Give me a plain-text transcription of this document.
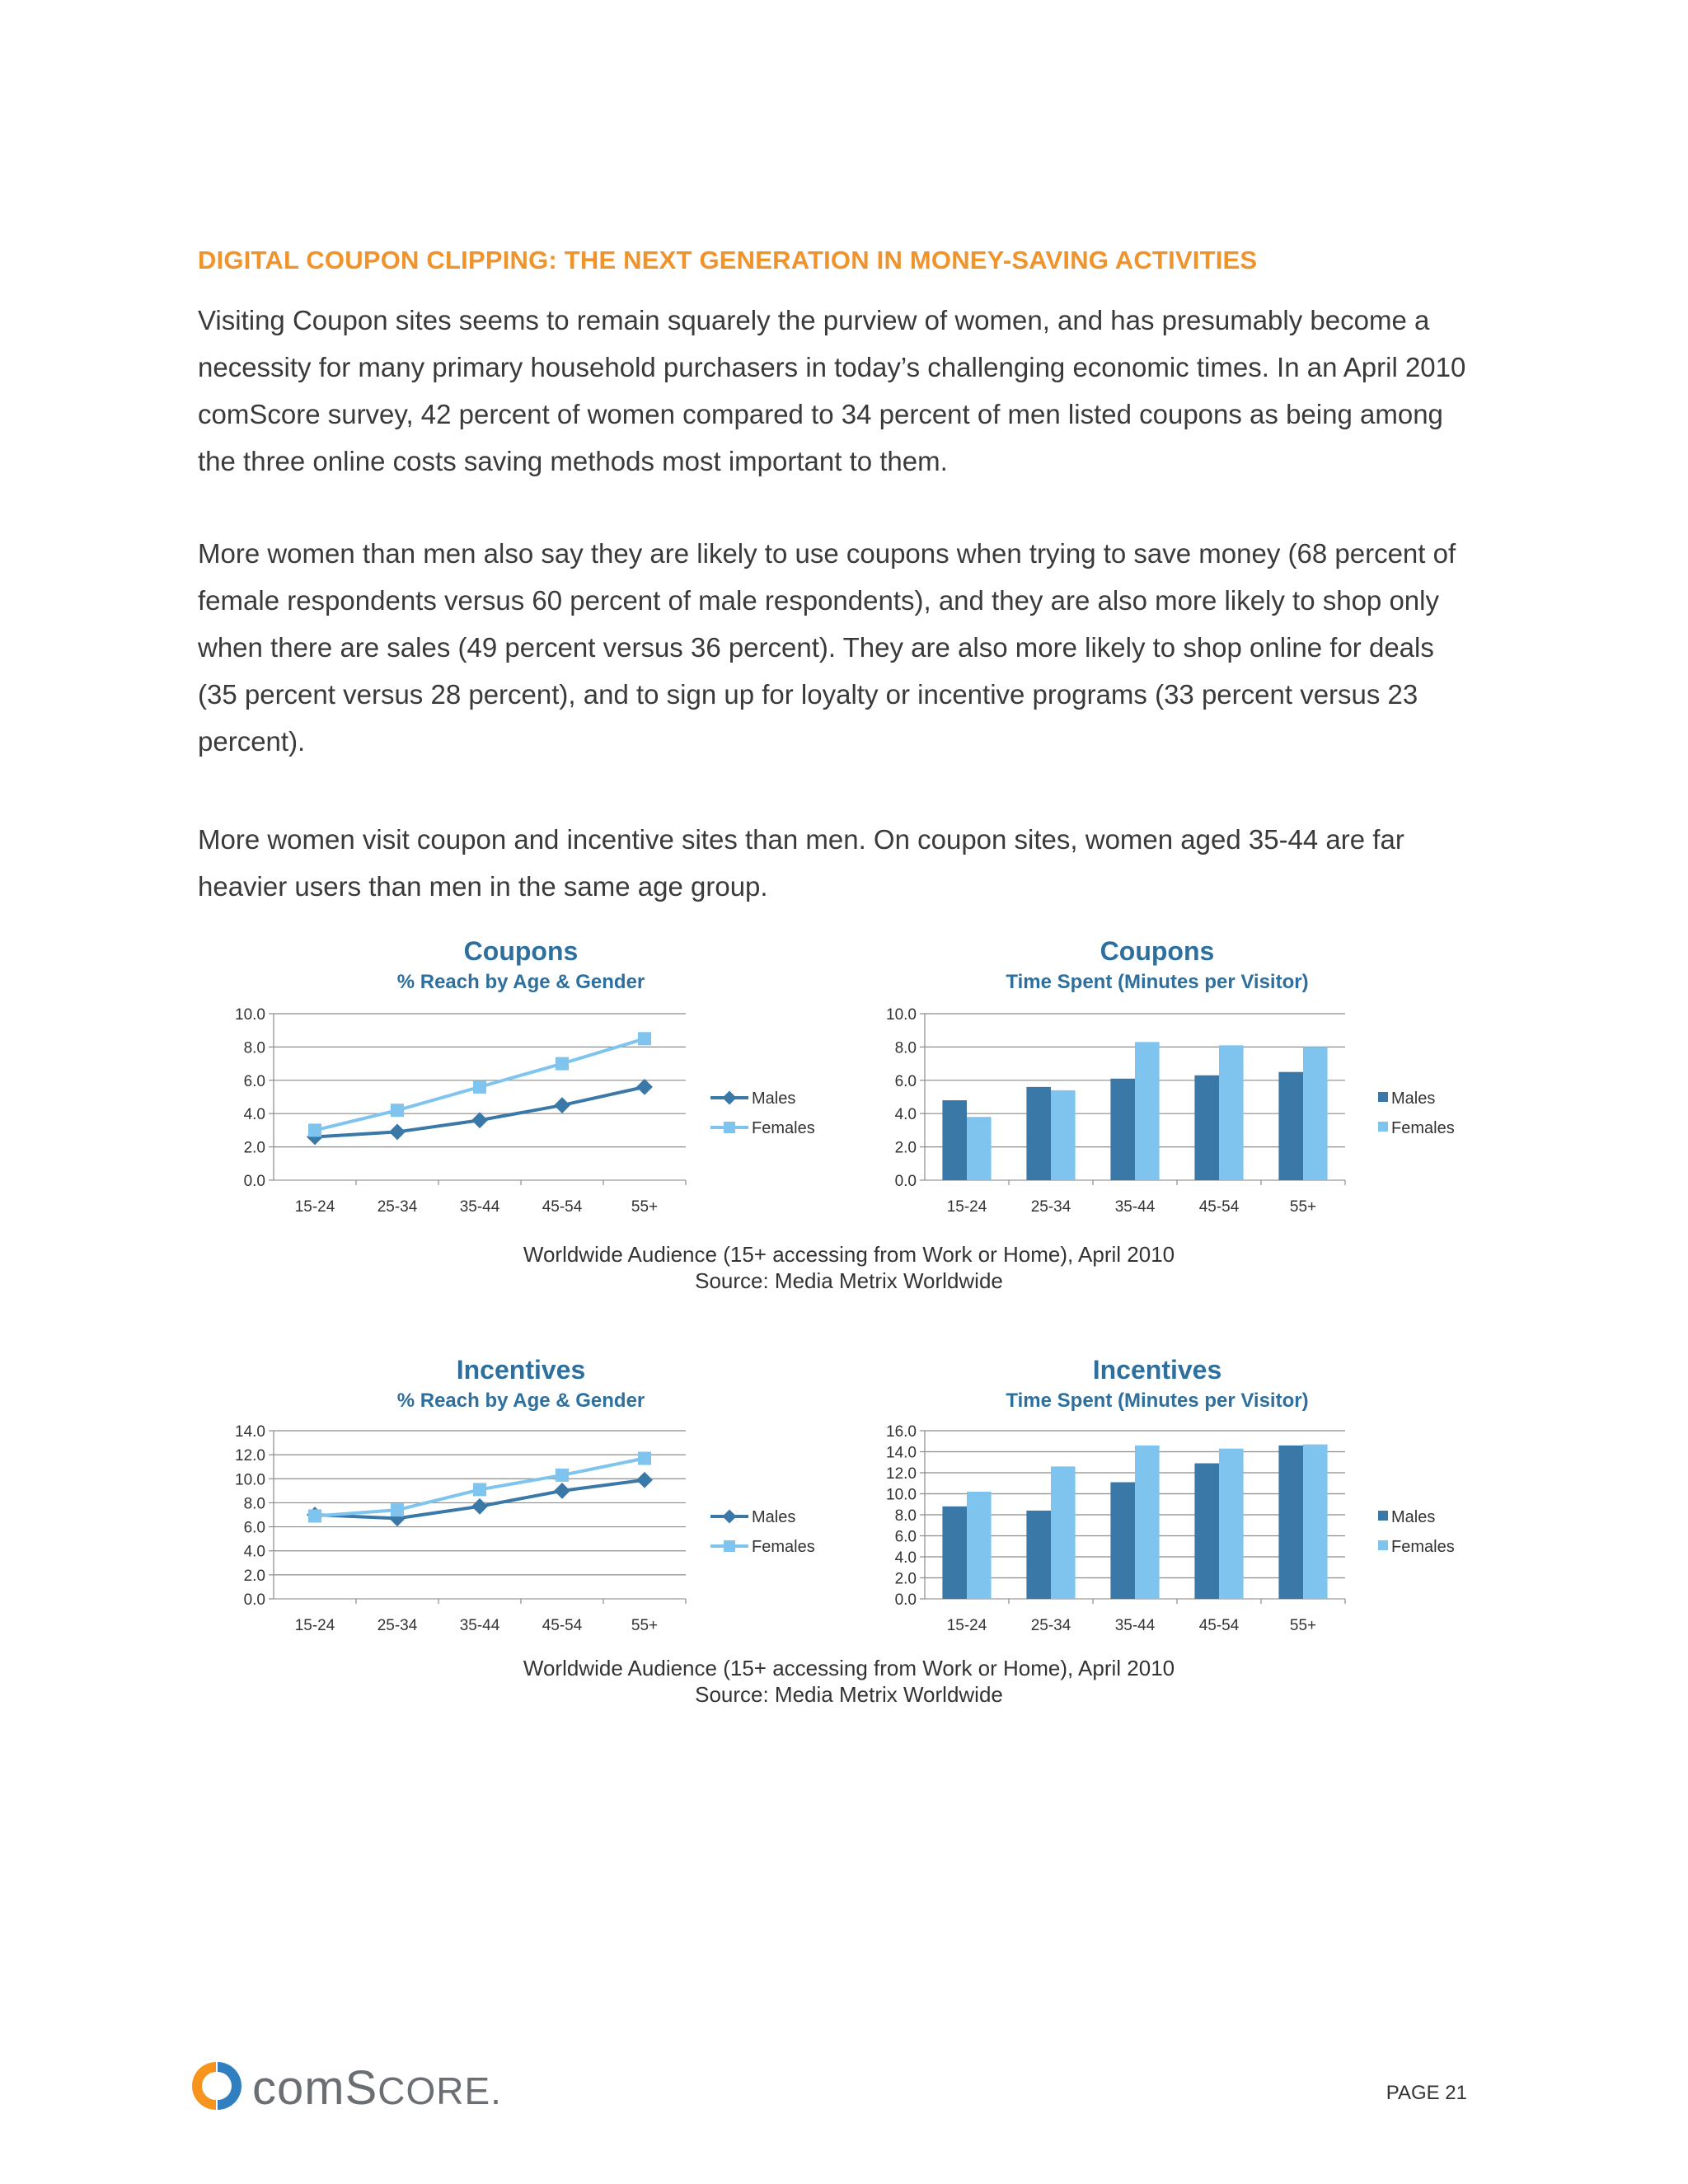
DIGITAL COUPON CLIPPING: THE NEXT GENERATION IN MONEY-SAVING ACTIVITIES
Visiting Coupon sites seems to remain squarely the purview of women, and has presumably become a
necessity for many primary household purchasers in today’s challenging economic times. In an April 2010
comScore survey, 42 percent of women compared to 34 percent of men listed coupons as being among
the three online costs saving methods most important to them.
More women than men also say they are likely to use coupons when trying to save money (68 percent of
female respondents versus 60 percent of male respondents), and they are also more likely to shop only
when there are sales (49 percent versus 36 percent). They are also more likely to shop online for deals
(35 percent versus 28 percent), and to sign up for loyalty or incentive programs (33 percent versus 23
percent).
More women visit coupon and incentive sites than men. On coupon sites, women aged 35-44 are far
heavier users than men in the same age group.
Coupons
% Reach by Age & Gender
0.0
2.0
4.0
6.0
8.0
10.0
15-24	25-34	35-44	45-54	55+
Males
Females
Coupons
Time Spent (Minutes per Visitor)
0.0
2.0
4.0
6.0
8.0
10.0
15-24	25-34	35-44	45-54	55+
Males
Females
Worldwide Audience (15+ accessing from Work or Home), April 2010
Source: Media Metrix Worldwide
Incentives
% Reach by Age & Gender
0.0
2.0
4.0
6.0
8.0
10.0
12.0
14.0
15-24	25-34	35-44	45-54	55+
Males
Females
Incentives
Time Spent (Minutes per Visitor)
0.0
2.0
4.0
6.0
8.0
10.0
12.0
14.0
16.0
15-24	25-34	35-44	45-54	55+
Males
Females
Worldwide Audience (15+ accessing from Work or Home), April 2010
Source: Media Metrix Worldwide
comSCORE.	PAGE 21
